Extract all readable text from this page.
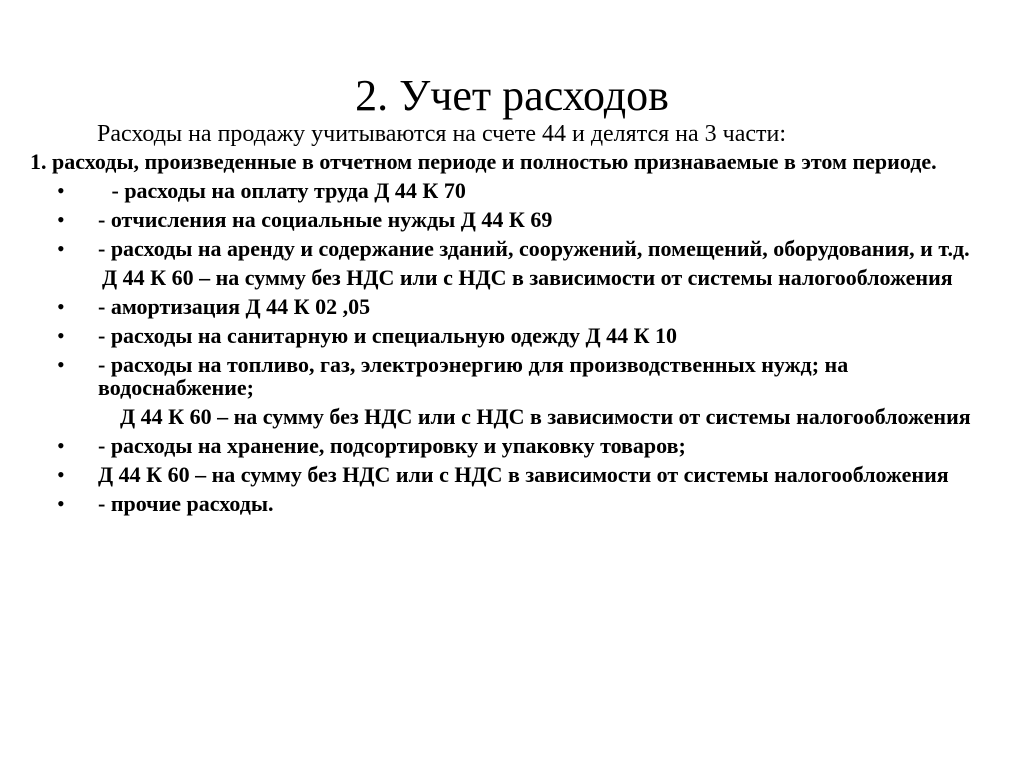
2. Учет расходов
Расходы на продажу учитываются на счете 44 и делятся на 3 части:
1. расходы, произведенные в отчетном периоде и полностью признаваемые в этом периоде.
• - расходы на оплату труда Д 44 К 70
• - отчисления на социальные нужды Д 44 К 69
• - расходы на аренду и содержание зданий, сооружений, помещений, оборудования, и т.д.
Д 44 К 60 – на сумму без НДС или с НДС в зависимости от системы налогообложения
• - амортизация Д 44 К 02 ,05
• - расходы на санитарную и специальную одежду Д 44 К 10
• - расходы на топливо, газ, электроэнергию для производственных нужд; на водоснабжение;
Д 44 К 60 – на сумму без НДС или с НДС в зависимости от системы налогообложения
• - расходы на хранение, подсортировку и упаковку товаров;
• Д 44 К 60 – на сумму без НДС или с НДС в зависимости от системы налогообложения
• - прочие расходы.
